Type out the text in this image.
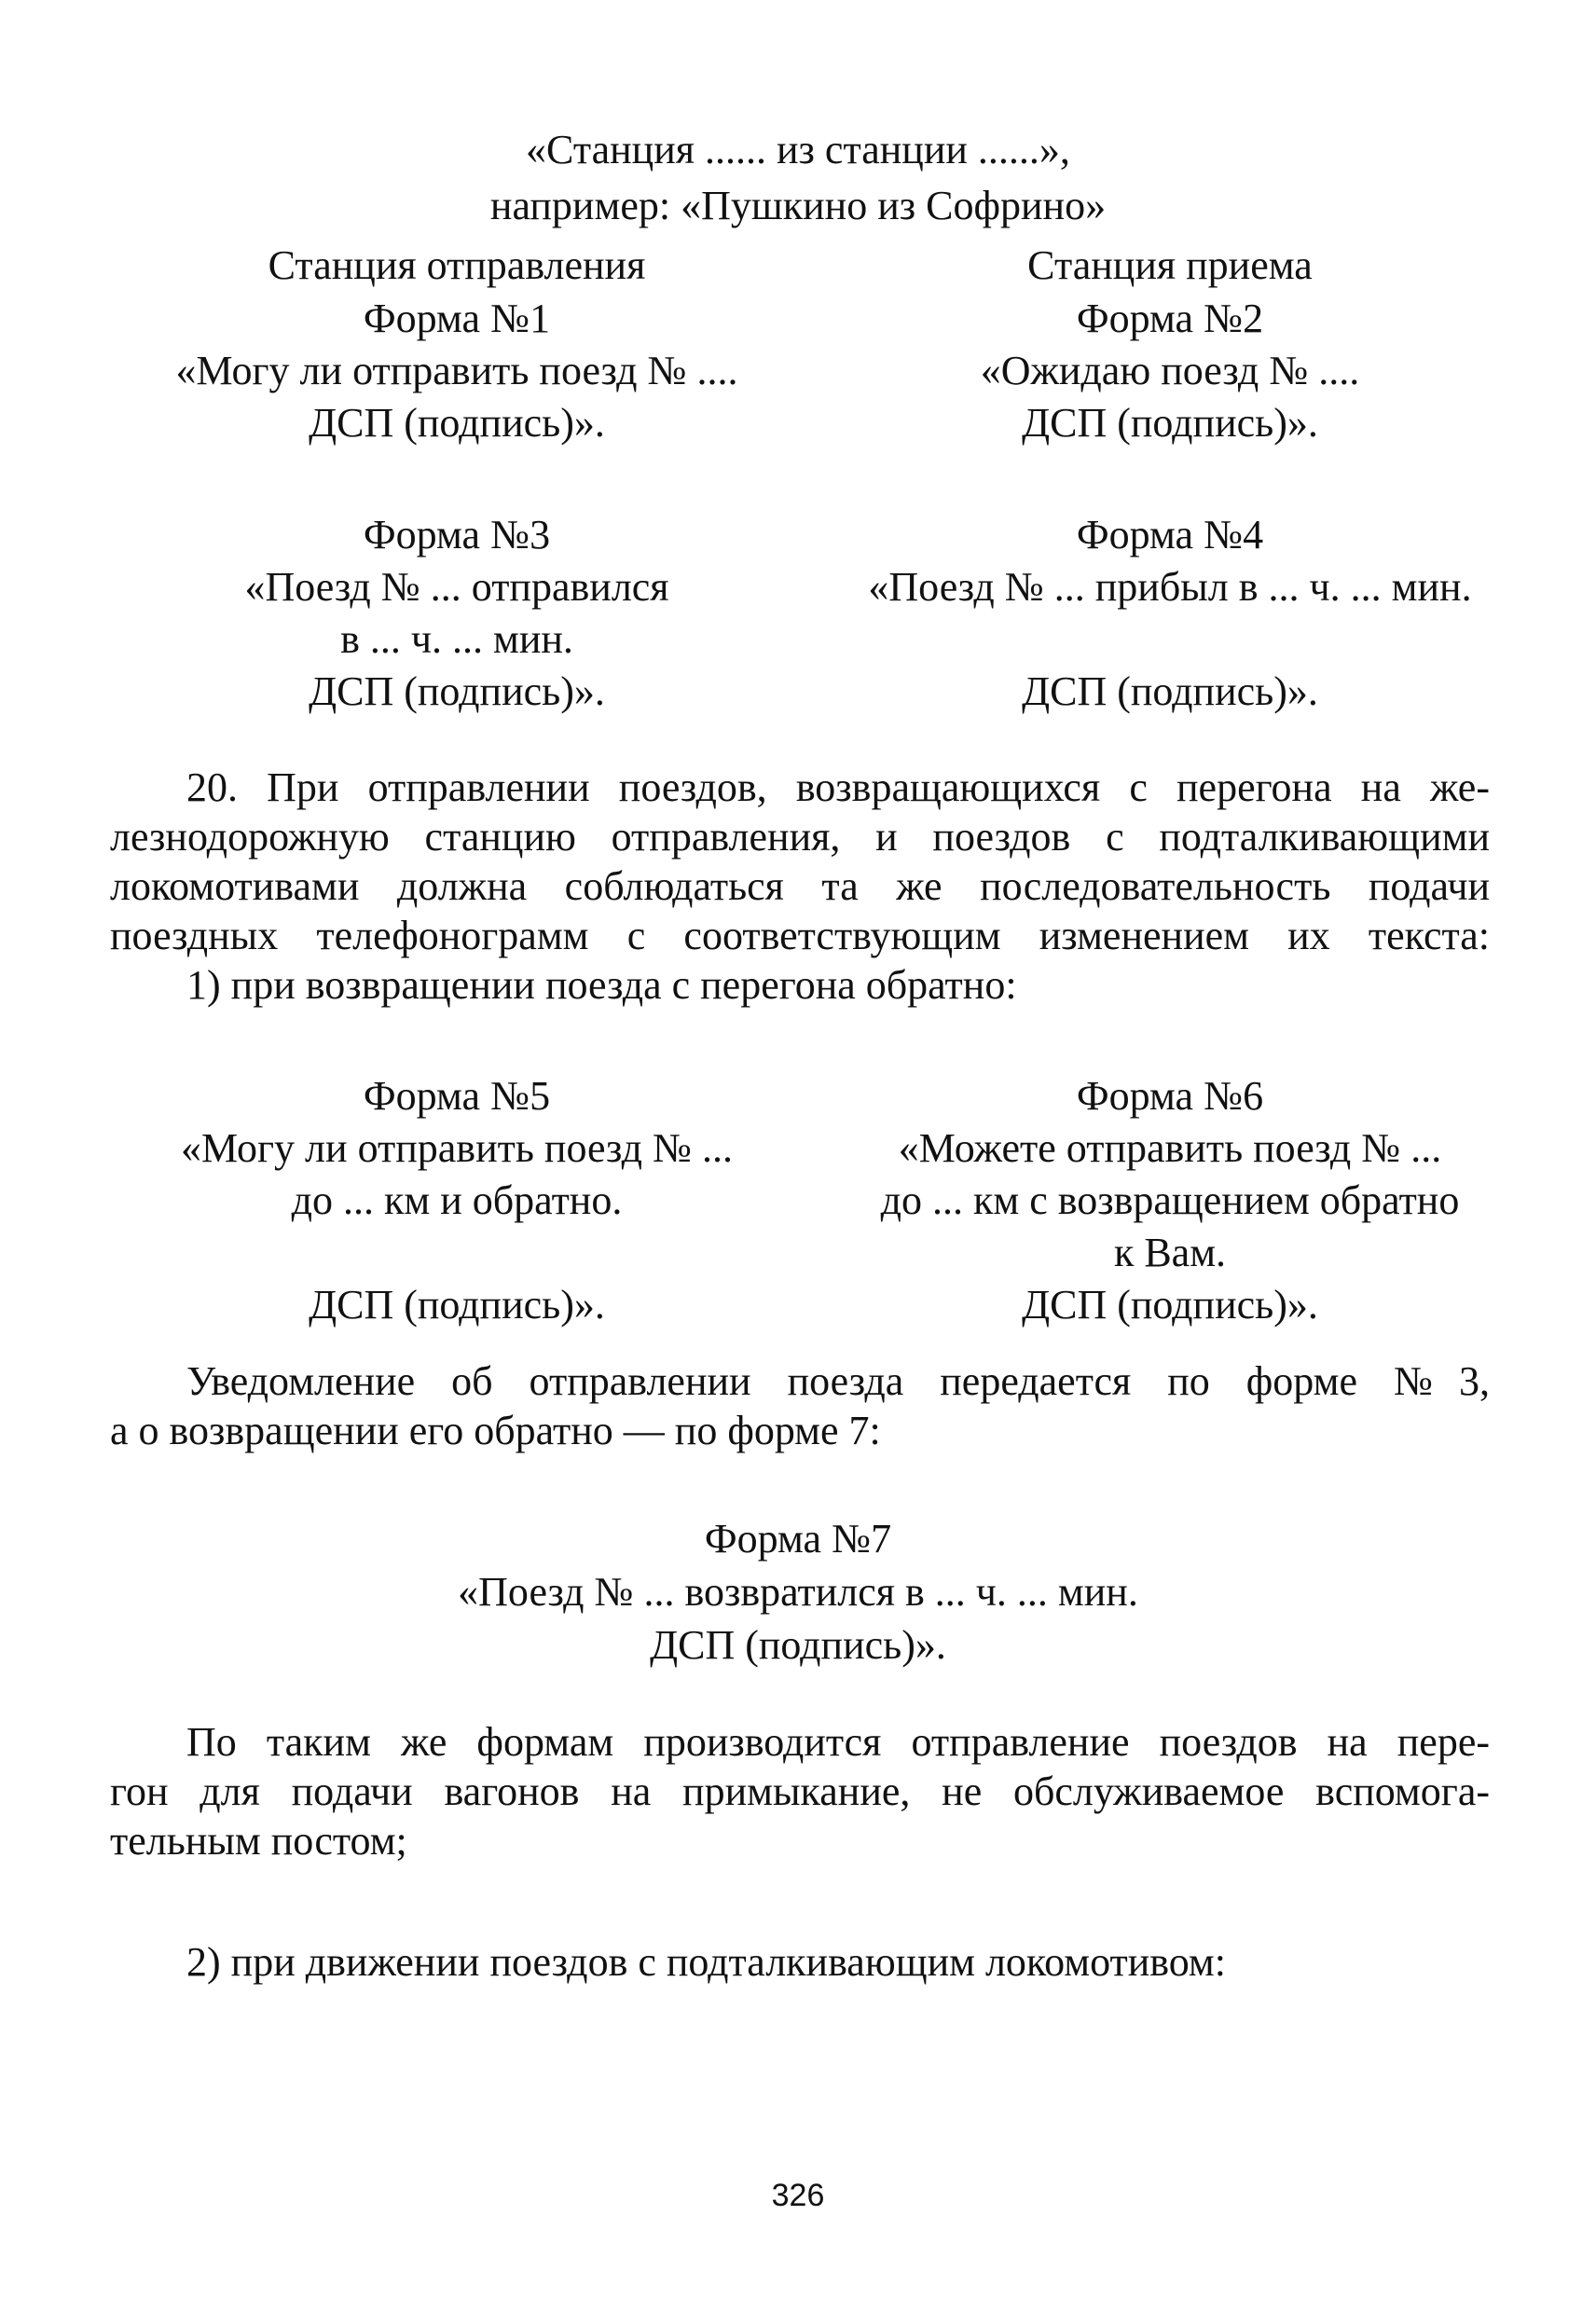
«Станция ...... из станции ......»,
например: «Пушкино из Софрино»
Станция отправления	Станция приема
Форма №1
«Могу ли отправить поезд № ....
ДСП (подпись)».
Форма №2
«Ожидаю поезд № ....
ДСП (подпись)».
Форма №3
«Поезд № ... отправился
в ... ч. ... мин.
ДСП (подпись)».
Форма №4
«Поезд № ... прибыл в ... ч. ... мин.

ДСП (подпись)».
20. При отправлении поездов, возвращающихся с перегона на же-
лезнодорожную станцию отправления, и поездов с подталкивающими
локомотивами должна соблюдаться та же последовательность подачи
поездных телефонограмм с соответствующим изменением их текста:
1) при возвращении поезда с перегона обратно:
Форма №5
«Могу ли отправить поезд № ...
до ... км и обратно.

ДСП (подпись)».
Форма №6
«Можете отправить поезд № ...
до ... км с возвращением обратно
к Вам.
ДСП (подпись)».
Уведомление об отправлении поезда передается по форме №3,
а о возвращении его обратно — по форме 7:
Форма №7
«Поезд № ... возвратился в ... ч. ... мин.
ДСП (подпись)».
По таким же формам производится отправление поездов на пере-
гон для подачи вагонов на примыкание, не обслуживаемое вспомога-
тельным постом;
2) при движении поездов с подталкивающим локомотивом:
326
